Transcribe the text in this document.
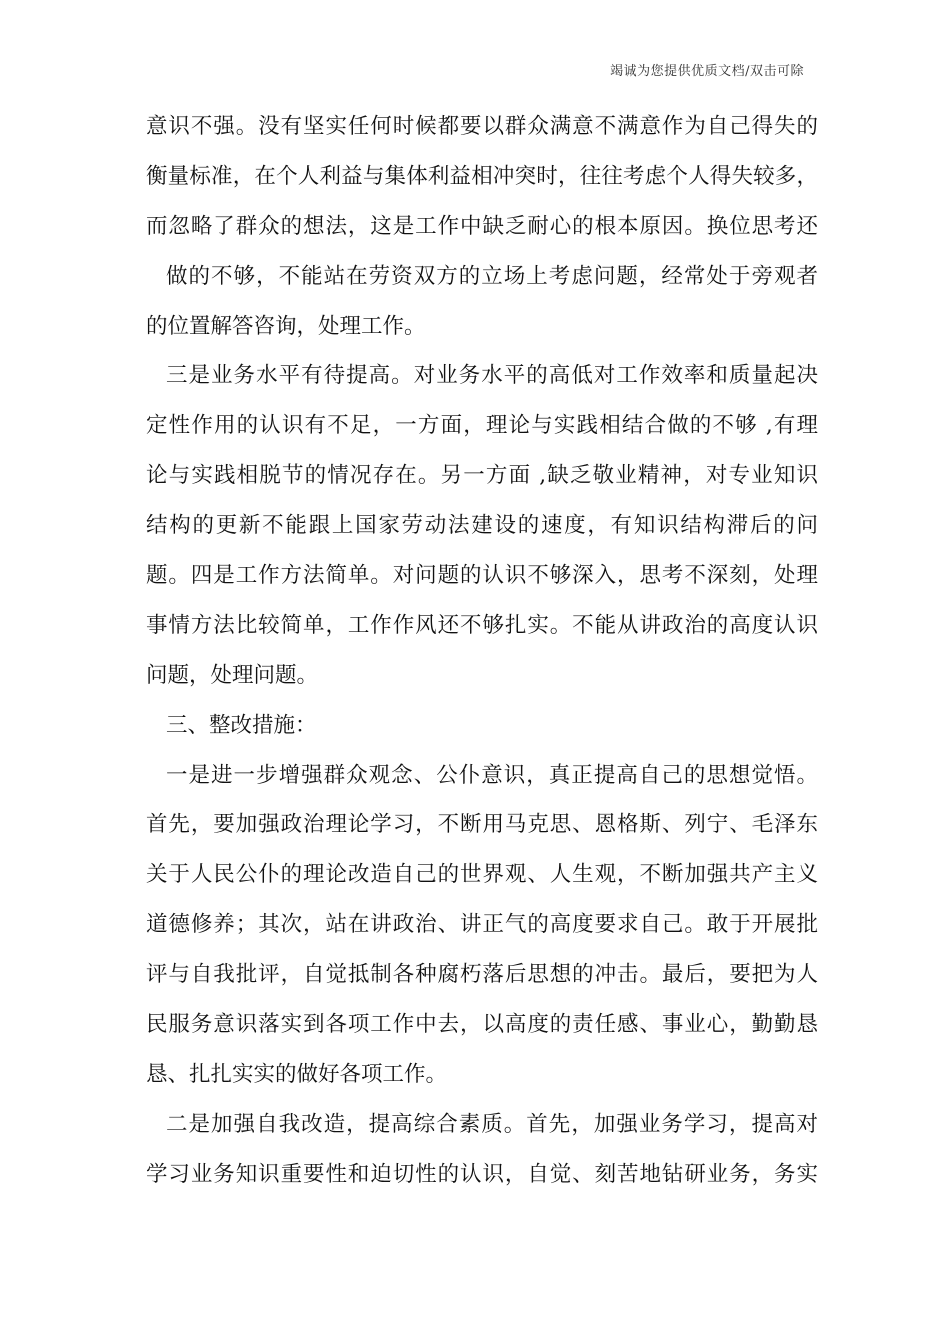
竭诚为您提供优质文档/双击可除
意识不强。没有坚实任何时候都要以群众满意不满意作为自己得失的
衡量标准，在个人利益与集体利益相冲突时，往往考虑个人得失较多，
而忽略了群众的想法，这是工作中缺乏耐心的根本原因。换位思考还
做的不够，不能站在劳资双方的立场上考虑问题，经常处于旁观者
的位置解答咨询，处理工作。
三是业务水平有待提高。对业务水平的高低对工作效率和质量起决
定性作用的认识有不足，一方面，理论与实践相结合做的不够 ,有理
论与实践相脱节的情况存在。另一方面 ,缺乏敬业精神，对专业知识
结构的更新不能跟上国家劳动法建设的速度，有知识结构滞后的问
题。四是工作方法简单。对问题的认识不够深入，思考不深刻，处理
事情方法比较简单，工作作风还不够扎实。不能从讲政治的高度认识
问题，处理问题。
三、整改措施：
一是进一步增强群众观念、公仆意识，真正提高自己的思想觉悟。
首先，要加强政治理论学习，不断用马克思、恩格斯、列宁、毛泽东
关于人民公仆的理论改造自己的世界观、人生观，不断加强共产主义
道德修养；其次，站在讲政治、讲正气的高度要求自己。敢于开展批
评与自我批评，自觉抵制各种腐朽落后思想的冲击。最后，要把为人
民服务意识落实到各项工作中去，以高度的责任感、事业心，勤勤恳
恳、扎扎实实的做好各项工作。
二是加强自我改造，提高综合素质。首先，加强业务学习，提高对
学习业务知识重要性和迫切性的认识，自觉、刻苦地钻研业务，务实
